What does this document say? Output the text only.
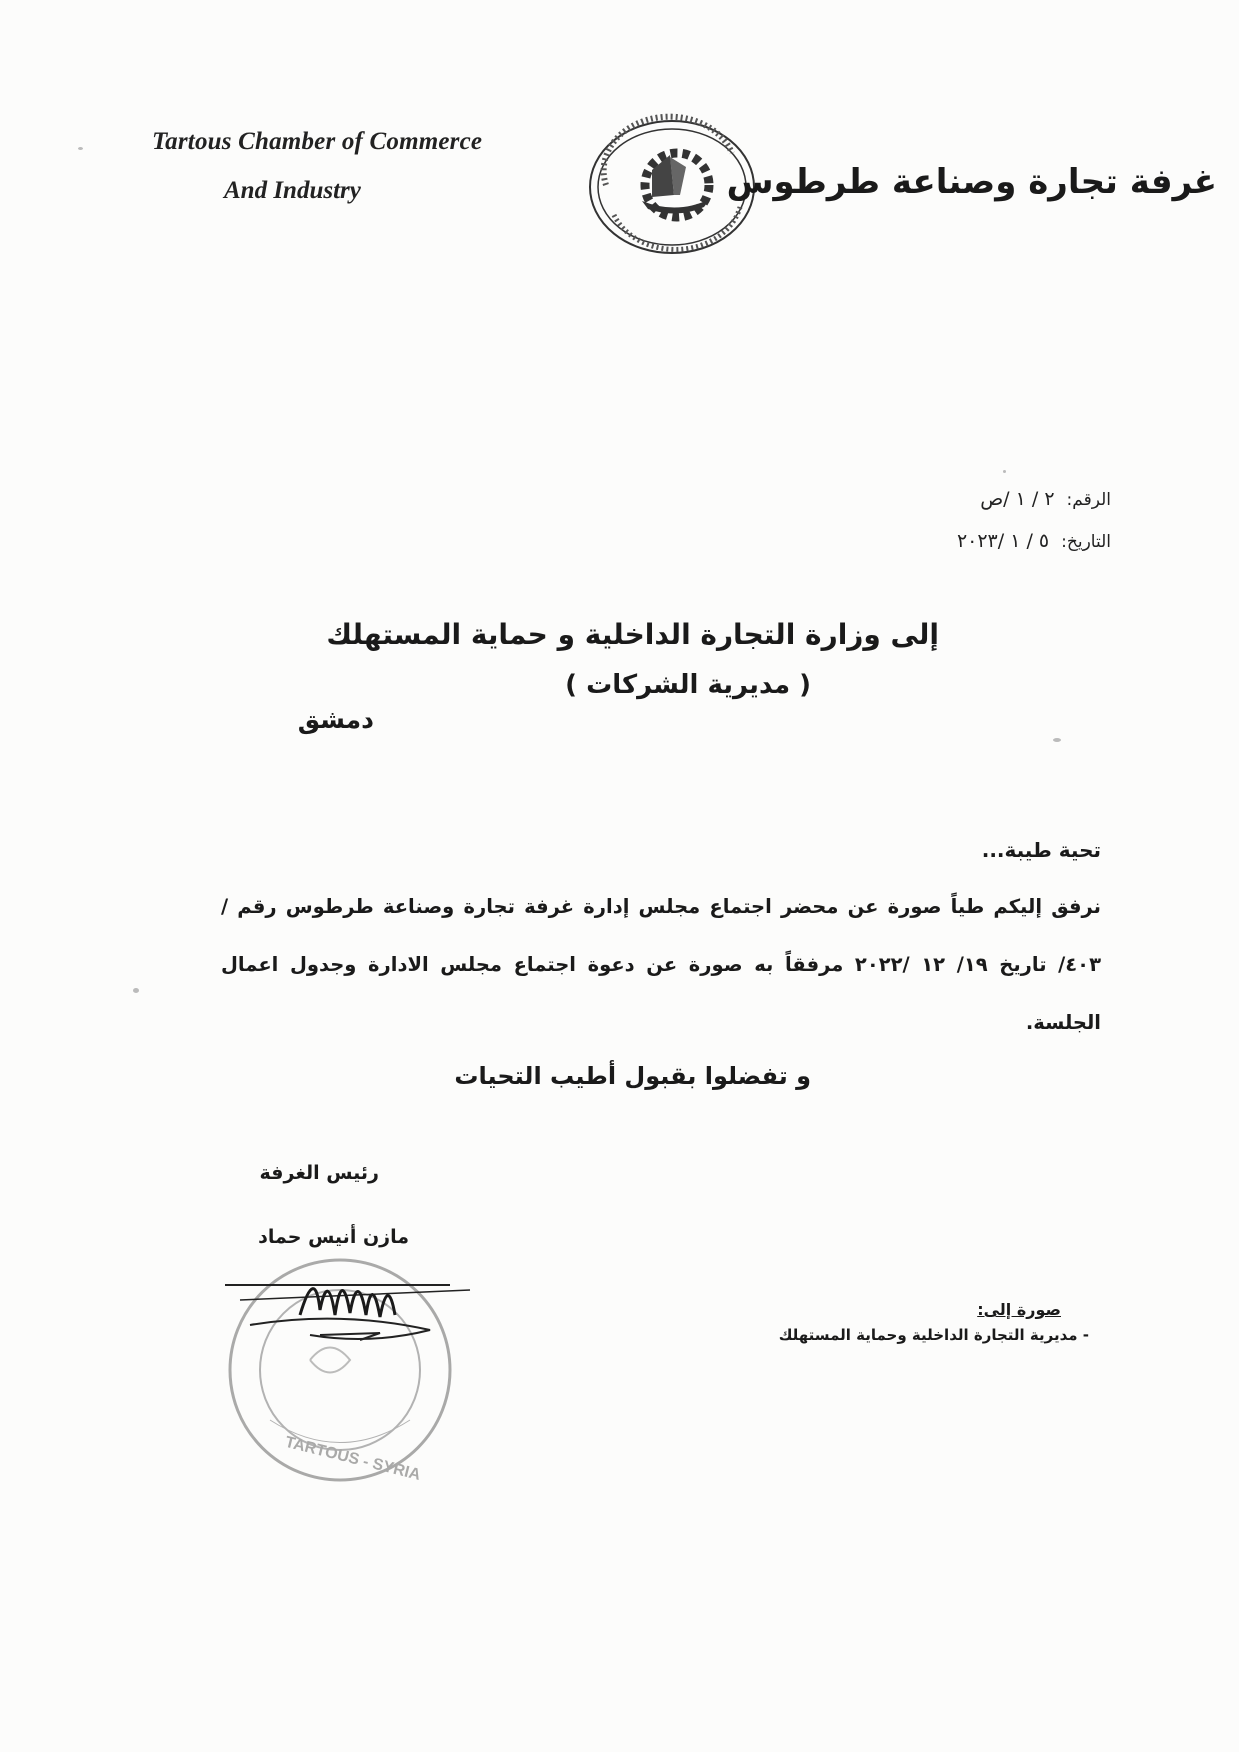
Tartous Chamber of Commerce
And Industry	غرفة تجارة وصناعة طرطوس
الرقم:٢ / ١ /ص
التاريخ:٥ / ١ /٢٠٢٣
إلى وزارة التجارة الداخلية و حماية المستهلك
( مديرية الشركات )
دمشق
تحية طيبة...
نرفق إليكم طياً صورة عن محضر اجتماع مجلس إدارة غرفة تجارة وصناعة طرطوس رقم /٤٠٣/ تاريخ ١٩/ ١٢ /٢٠٢٢ مرفقاً به صورة عن دعوة اجتماع مجلس الادارة وجدول اعمال الجلسة.
و تفضلوا بقبول أطيب التحيات
رئيس الغرفة
مازن أنيس حماد
TARTOUS - SYRIA
صورة إلى:
- مديرية التجارة الداخلية وحماية المستهلك
